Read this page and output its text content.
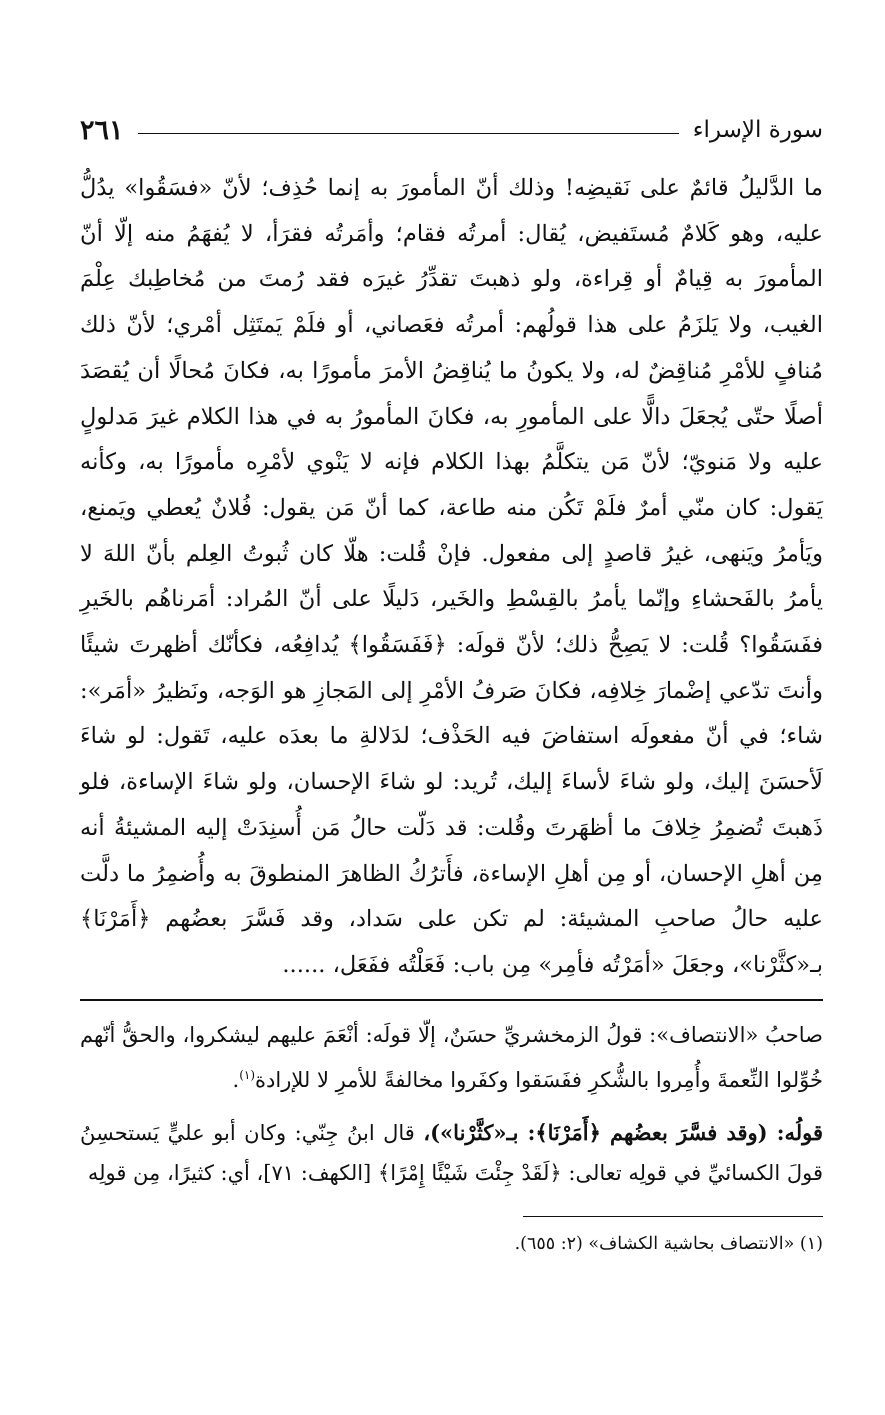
سورة الإسراء
٢٦١

ما الدَّليلُ قائمٌ على نَقيضِه! وذلك أنّ المأمورَ به إنما حُذِف؛ لأنّ «فسَقُوا» يدُلُّ عليه، وهو كَلامٌ مُستَفيض، يُقال: أمرتُه فقام؛ وأمَرتُه فقرَأ، لا يُفهَمُ منه إلّا أنّ المأمورَ به قِيامٌ أو قِراءة، ولو ذهبتَ تقدِّرُ غيرَه فقد رُمتَ من مُخاطِبك عِلْمَ الغيب، ولا يَلزَمُ على هذا قولُهم: أمرتُه فعَصاني، أو فلَمْ يَمتَثِل أمْري؛ لأنّ ذلك مُنافٍ للأمْرِ مُناقِضٌ له، ولا يكونُ ما يُناقِضُ الأمرَ مأمورًا به، فكانَ مُحالًا أن يُقصَدَ أصلًا حتّى يُجعَلَ دالًّا على المأمورِ به، فكانَ المأمورُ به في هذا الكلام غيرَ مَدلولٍ عليه ولا مَنويّ؛ لأنّ مَن يتكلَّمُ بهذا الكلام فإنه لا يَنْوي لأمْرِه مأمورًا به، وكأنه يَقول: كان منّي أمرٌ فلَمْ تَكُن منه طاعة، كما أنّ مَن يقول: فُلانٌ يُعطي ويَمنع، ويَأمرُ ويَنهى، غيرُ قاصدٍ إلى مفعول. فإنْ قُلت: هلّا كان ثُبوتُ العِلم بأنّ اللهَ لا يأمرُ بالفَحشاءِ وإنّما يأمرُ بالقِسْطِ والخَير، دَليلًا على أنّ المُراد: أمَرناهُم بالخَيرِ ففَسَقُوا؟ قُلت: لا يَصِحُّ ذلك؛ لأنّ قولَه: ﴿فَفَسَقُوا﴾ يُدافِعُه، فكأنّك أظهرتَ شيئًا وأنتَ تدّعي إضْمارَ خِلافِه، فكانَ صَرفُ الأمْرِ إلى المَجازِ هو الوَجه، ونَظيرُ «أمَر»: شاء؛ في أنّ مفعولَه استفاضَ فيه الحَذْف؛ لدَلالةِ ما بعدَه عليه، تَقول: لو شاءَ لَأحسَنَ إليك، ولو شاءَ لأساءَ إليك، تُريد: لو شاءَ الإحسان، ولو شاءَ الإساءة، فلو ذَهبتَ تُضمِرُ خِلافَ ما أظهَرتَ وقُلت: قد دَلّت حالُ مَن أُسنِدَتْ إليه المشيئةُ أنه مِن أهلِ الإحسان، أو مِن أهلِ الإساءة، فأَترُكُ الظاهرَ المنطوقَ به وأُضمِرُ ما دلَّت عليه حالُ صاحبِ المشيئة: لم تكن على سَداد، وقد فَسَّرَ بعضُهم ﴿أَمَرْنَا﴾ بـ«كثَّرْنا»، وجعَلَ «أمَرْتُه فأمِر» مِن باب: فَعَلْتُه ففَعَل، ......

صاحبُ «الانتصاف»: قولُ الزمخشريِّ حسَنٌ، إلّا قولَه: أنْعَمَ عليهم ليشكروا، والحقُّ أنّهم خُوِّلوا النِّعمةَ وأُمِروا بالشُّكرِ ففَسَقوا وكفَروا مخالفةً للأمرِ لا للإرادة$^{(١)}$.

قولُه: (وقد فسَّرَ بعضُهم ﴿أَمَرْنَا﴾: بـ«كثَّرْنا»)، قال ابنُ جِنّي: وكان أبو عليٍّ يَستحسِنُ قولَ الكسائيِّ في قولِه تعالى: ﴿لَقَدْ جِئْتَ شَيْئًا إِمْرًا﴾ [الكهف: ٧١]، أي: كثيرًا، مِن قولِه

(١) «الانتصاف بحاشية الكشاف» (٢: ٦٥٥).
